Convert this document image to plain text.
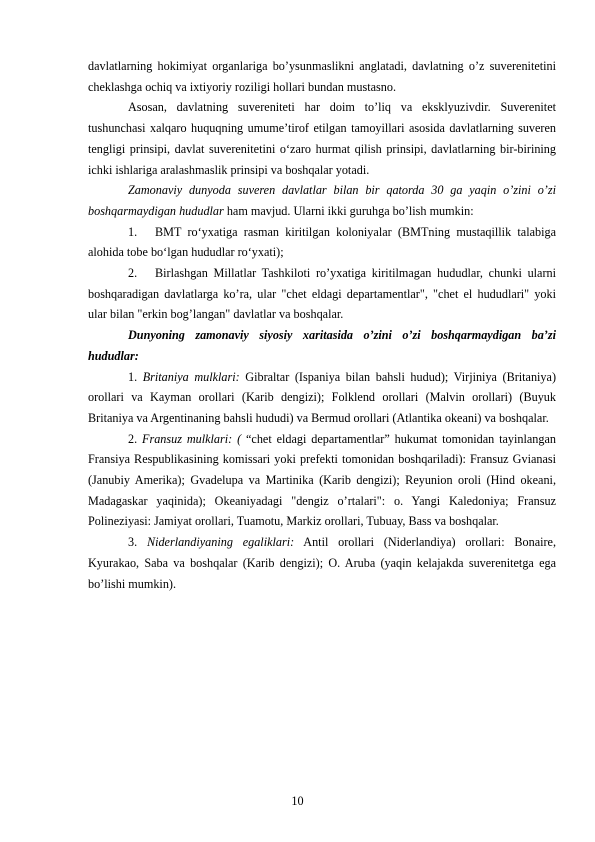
davlatlarning hokimiyat organlariga bo’ysunmaslikni anglatadi, davlatning o’z suverenitetini cheklashga ochiq va ixtiyoriy roziligi hollari bundan mustasno.

Asosan, davlatning suvereniteti har doim to’liq va eksklyuzivdir. Suverenitet tushunchasi xalqaro huquqning umume’tirof etilgan tamoyillari asosida davlatlarning suveren tengligi prinsipi, davlat suverenitetini o‘zaro hurmat qilish prinsipi, davlatlarning bir-birining ichki ishlariga aralashmaslik prinsipi va boshqalar yotadi.

Zamonaviy dunyoda suveren davlatlar bilan bir qatorda 30 ga yaqin o’zini o’zi boshqarmaydigan hududlar ham mavjud. Ularni ikki guruhga bo’lish mumkin:

1. BMT ro‘yxatiga rasman kiritilgan koloniyalar (BMTning mustaqillik talabiga alohida tobe bo‘lgan hududlar ro‘yxati);

2. Birlashgan Millatlar Tashkiloti ro’yxatiga kiritilmagan hududlar, chunki ularni boshqaradigan davlatlarga ko’ra, ular "chet eldagi departamentlar", "chet el hududlari" yoki ular bilan "erkin bog’langan" davlatlar va boshqalar.

Dunyoning zamonaviy siyosiy xaritasida o’zini o’zi boshqarmaydigan ba’zi hududlar:

1. Britaniya mulklari: Gibraltar (Ispaniya bilan bahsli hudud); Virjiniya (Britaniya) orollari va Kayman orollari (Karib dengizi); Folklend orollari (Malvin orollari) (Buyuk Britaniya va Argentinaning bahsli hududi) va Bermud orollari (Atlantika okeani) va boshqalar.

2. Fransuz mulklari: ( “chet eldagi departamentlar” hukumat tomonidan tayinlangan Fransiya Respublikasining komissari yoki prefekti tomonidan boshqariladi): Fransuz Gvianasi (Janubiy Amerika); Gvadelupa va Martinika (Karib dengizi); Reyunion oroli (Hind okeani, Madagaskar yaqinida); Okeaniyadagi "dengiz o’rtalari": o. Yangi Kaledoniya; Fransuz Polineziyasi: Jamiyat orollari, Tuamotu, Markiz orollari, Tubuay, Bass va boshqalar.

3. Niderlandiyaning egaliklari: Antil orollari (Niderlandiya) orollari: Bonaire, Kyurakao, Saba va boshqalar (Karib dengizi); O. Aruba (yaqin kelajakda suverenitetga ega bo’lishi mumkin).

10
